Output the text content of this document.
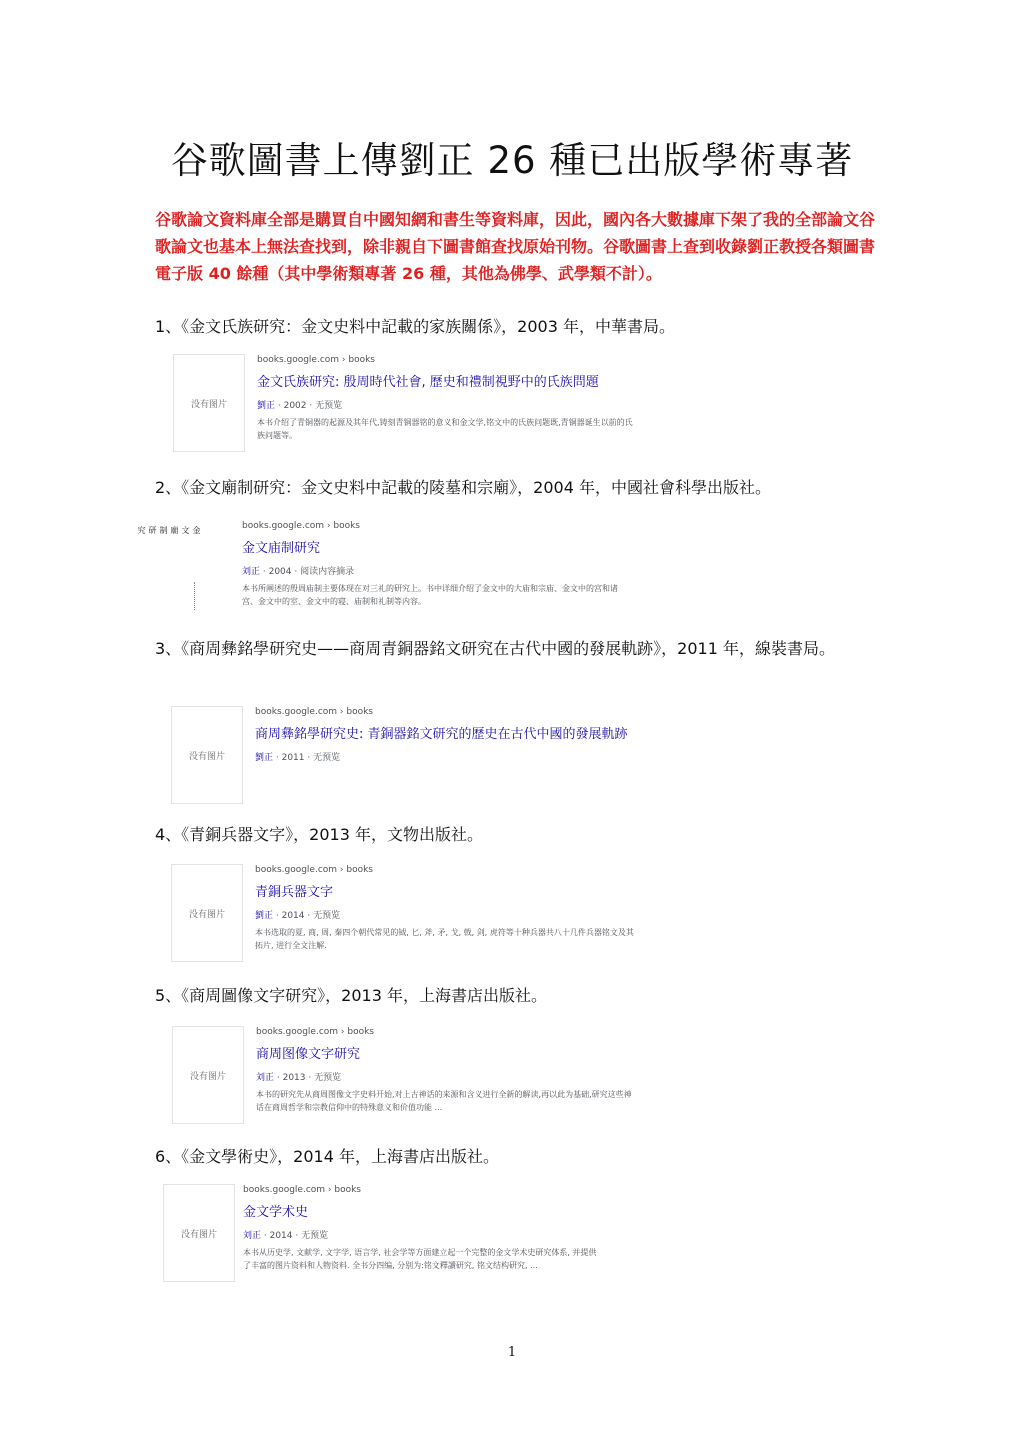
谷歌圖書上傳劉正 26 種已出版學術專著
谷歌論文資料庫全部是購買自中國知網和書生等資料庫，因此，國內各大數據庫下架了我的全部論文谷歌論文也基本上無法查找到，除非親自下圖書館查找原始刊物。谷歌圖書上查到收錄劉正教授各類圖書電子版 40 餘種（其中學術類專著 26 種，其他為佛學、武學類不計）。
1、《金文氏族研究：金文史料中記載的家族關係》，2003 年，中華書局。
没有图片
books.google.com › books
金文氏族研究: 殷周時代社會, 歷史和禮制視野中的氏族問題
劉正 · 2002 · 无预览
本书介绍了青铜器的起源及其年代,铸刻青铜器铭的意义和金文学,铭文中的氏族问题既,青铜器诞生以前的氏族问题等。
2、《金文廟制研究：金文史料中記載的陵墓和宗廟》，2004 年，中國社會科學出版社。
金文廟制研究	books.google.com › books
金文庙制研究
刘正 · 2004 · 阅读内容摘录
本书所阐述的殷周庙制主要体现在对三礼的研究上。书中详细介绍了金文中的大庙和宗庙、金文中的宫和诸宫、金文中的室、金文中的寝、庙制和礼制等内容。
3、《商周彝銘學研究史——商周青銅器銘文研究在古代中國的發展軌跡》，2011 年，線裝書局。
没有图片
books.google.com › books
商周彝銘學研究史: 青銅器銘文研究的歷史在古代中國的發展軌跡
劉正 · 2011 · 无预览
4、《青銅兵器文字》，2013 年，文物出版社。
没有图片
books.google.com › books
青銅兵器文字
劉正 · 2014 · 无预览
本书选取的夏, 商, 周, 秦四个朝代常见的钺, 匕, 斧, 矛, 戈, 戟, 剑, 虎符等十种兵器共八十几件兵器铭文及其拓片, 进行全文注解.
5、《商周圖像文字研究》，2013 年，上海書店出版社。
没有图片
books.google.com › books
商周图像文字研究
刘正 · 2013 · 无预览
本书的研究先从商周图像文字史料开始,对上古神话的来源和含义进行全新的解读,再以此为基础,研究这些神话在商周哲学和宗教信仰中的特殊意义和价值功能 ...
6、《金文學術史》，2014 年，上海書店出版社。
没有图片
books.google.com › books
金文学术史
刘正 · 2014 · 无预览
本书从历史学, 文献学, 文字学, 语言学, 社会学等方面建立起一个完整的金文学术史研究体系, 并提供了丰富的图片资料和人物资料. 全书分四编, 分别为:铭文釋讀研究, 铭文结构研究, ...
1
